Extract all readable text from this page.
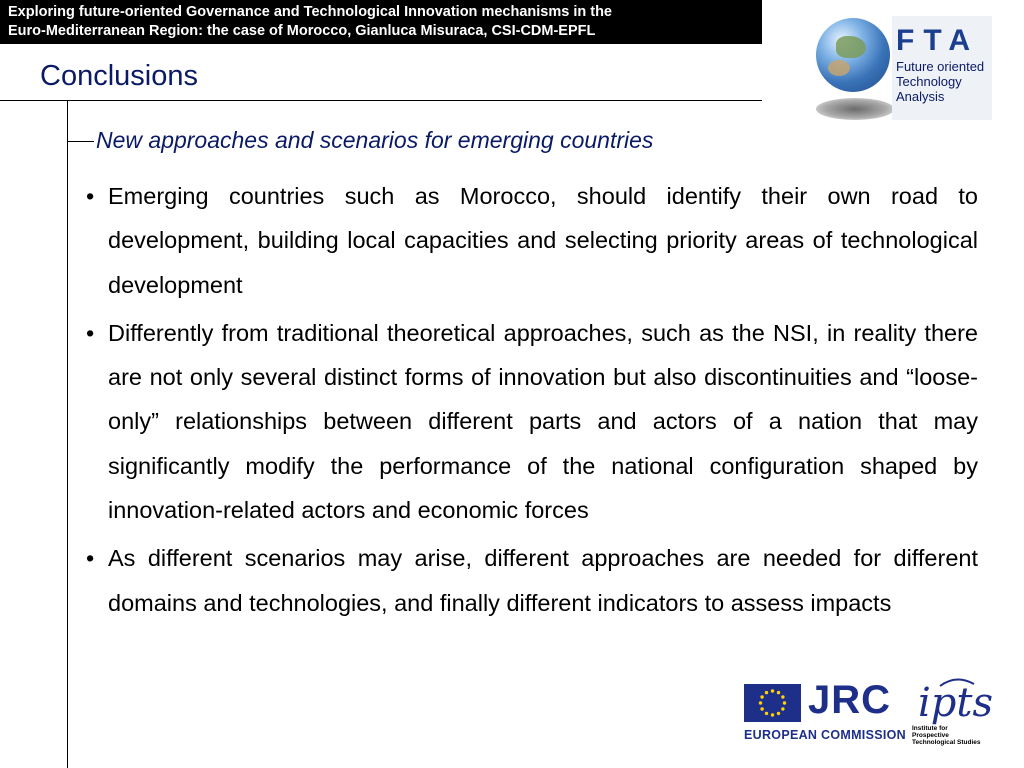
Exploring future-oriented Governance and Technological Innovation mechanisms in the
Euro-Mediterranean Region: the case of Morocco, Gianluca Misuraca, CSI-CDM-EPFL
Conclusions
New approaches and scenarios for emerging countries
• Emerging countries such as Morocco, should identify their own road to development, building local capacities and selecting priority areas of technological development
• Differently from traditional theoretical approaches, such as the NSI, in reality there are not only several distinct forms of innovation but also discontinuities and “loose-only” relationships between different parts and actors of a nation that may significantly modify the performance of the national configuration shaped by innovation-related actors and economic forces
• As different scenarios may arise, different approaches are needed for different domains and technologies, and finally different indicators to assess impacts
FTA
Future oriented
Technology
Analysis
JRC
EUROPEAN COMMISSION
ipts
Institute for
Prospective
Technological Studies
